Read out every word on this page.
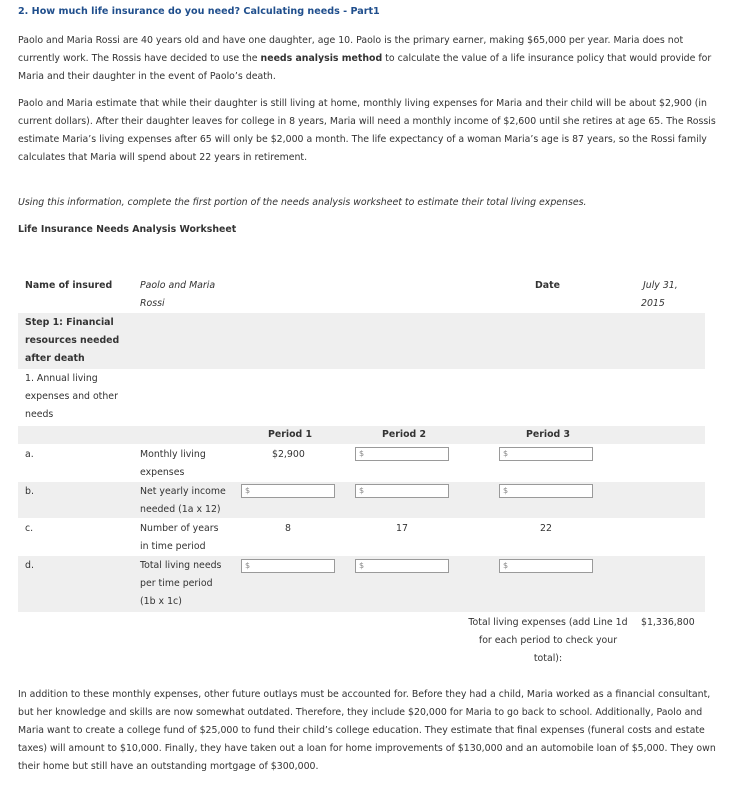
2. How much life insurance do you need? Calculating needs - Part1

Paolo and Maria Rossi are 40 years old and have one daughter, age 10. Paolo is the primary earner, making $65,000 per year. Maria does not currently work. The Rossis have decided to use the needs analysis method to calculate the value of a life insurance policy that would provide for Maria and their daughter in the event of Paolo’s death.

Paolo and Maria estimate that while their daughter is still living at home, monthly living expenses for Maria and their child will be about $2,900 (in current dollars). After their daughter leaves for college in 8 years, Maria will need a monthly income of $2,600 until she retires at age 65. The Rossis estimate Maria’s living expenses after 65 will only be $2,000 a month. The life expectancy of a woman Maria’s age is 87 years, so the Rossi family calculates that Maria will spend about 22 years in retirement.

Using this information, complete the first portion of the needs analysis worksheet to estimate their total living expenses.
Life Insurance Needs Analysis Worksheet
Name of insured	Paolo and Maria
Rossi
Date	July 31,
2015
Step 1: Financial
resources needed
after death
1. Annual living
expenses and other
needs
Period 1	Period 2	Period 3
a.	Monthly living
expenses
$2,900	$	$
b.	Net yearly income
needed (1a x 12)
$	$	$
c.	Number of years
in time period
8	17	22
d.	Total living needs
per time period
(1b x 1c)
$	$	$
Total living expenses (add Line 1d
for each period to check your
total):
$1,336,800

In addition to these monthly expenses, other future outlays must be accounted for. Before they had a child, Maria worked as a financial consultant, but her knowledge and skills are now somewhat outdated. Therefore, they include $20,000 for Maria to go back to school. Additionally, Paolo and Maria want to create a college fund of $25,000 to fund their child’s college education. They estimate that final expenses (funeral costs and estate taxes) will amount to $10,000. Finally, they have taken out a loan for home improvements of $130,000 and an automobile loan of $5,000. They own their home but still have an outstanding mortgage of $300,000.
